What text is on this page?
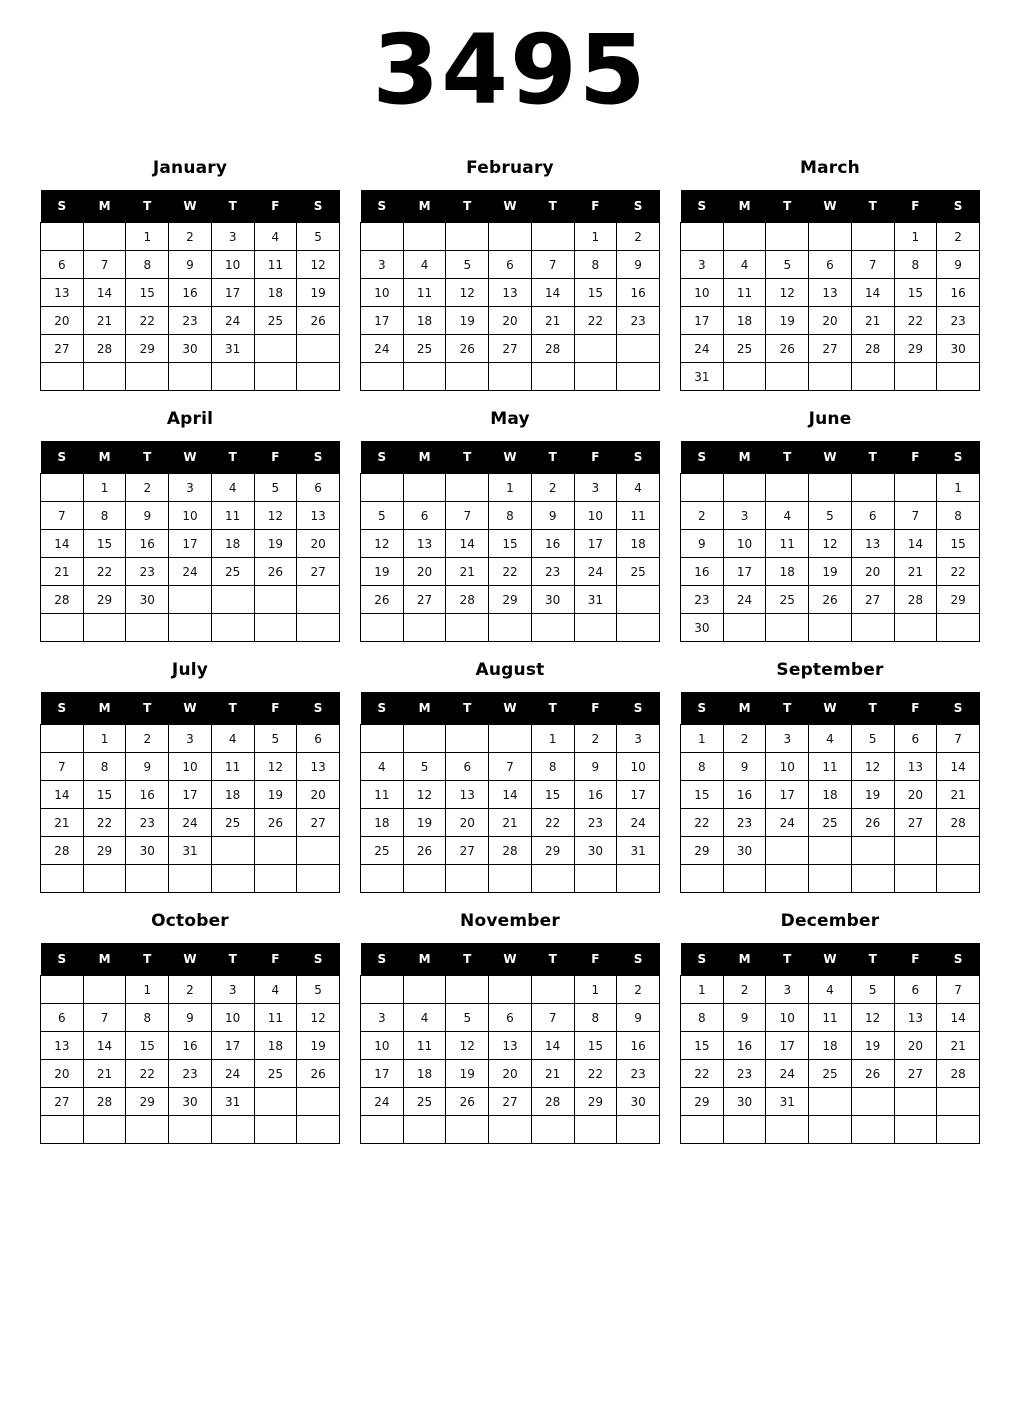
3495
January
S	M	T	W	T	F	S
		1	2	3	4	5
6	7	8	9	10	11	12
13	14	15	16	17	18	19
20	21	22	23	24	25	26
27	28	29	30	31		

February
S	M	T	W	T	F	S
					1	2
3	4	5	6	7	8	9
10	11	12	13	14	15	16
17	18	19	20	21	22	23
24	25	26	27	28		

March
S	M	T	W	T	F	S
					1	2
3	4	5	6	7	8	9
10	11	12	13	14	15	16
17	18	19	20	21	22	23
24	25	26	27	28	29	30
31						
April
S	M	T	W	T	F	S
	1	2	3	4	5	6
7	8	9	10	11	12	13
14	15	16	17	18	19	20
21	22	23	24	25	26	27
28	29	30				

May
S	M	T	W	T	F	S
			1	2	3	4
5	6	7	8	9	10	11
12	13	14	15	16	17	18
19	20	21	22	23	24	25
26	27	28	29	30	31	

June
S	M	T	W	T	F	S
						1
2	3	4	5	6	7	8
9	10	11	12	13	14	15
16	17	18	19	20	21	22
23	24	25	26	27	28	29
30						
July
S	M	T	W	T	F	S
	1	2	3	4	5	6
7	8	9	10	11	12	13
14	15	16	17	18	19	20
21	22	23	24	25	26	27
28	29	30	31			

August
S	M	T	W	T	F	S
				1	2	3
4	5	6	7	8	9	10
11	12	13	14	15	16	17
18	19	20	21	22	23	24
25	26	27	28	29	30	31

September
S	M	T	W	T	F	S
1	2	3	4	5	6	7
8	9	10	11	12	13	14
15	16	17	18	19	20	21
22	23	24	25	26	27	28
29	30					

October
S	M	T	W	T	F	S
		1	2	3	4	5
6	7	8	9	10	11	12
13	14	15	16	17	18	19
20	21	22	23	24	25	26
27	28	29	30	31		

November
S	M	T	W	T	F	S
					1	2
3	4	5	6	7	8	9
10	11	12	13	14	15	16
17	18	19	20	21	22	23
24	25	26	27	28	29	30

December
S	M	T	W	T	F	S
1	2	3	4	5	6	7
8	9	10	11	12	13	14
15	16	17	18	19	20	21
22	23	24	25	26	27	28
29	30	31				
